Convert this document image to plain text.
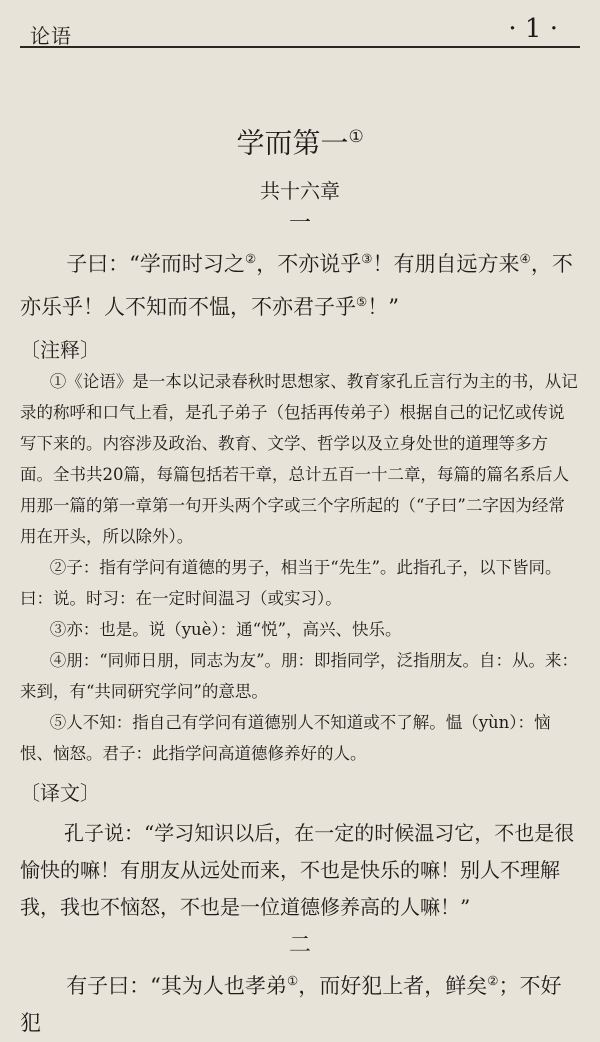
论语	· 1 ·
学而第一①
共十六章
一

子曰：“学而时习之②，不亦说乎③！有朋自远方来④，不亦乐乎！人不知而不愠，不亦君子乎⑤！”

〔注释〕

①《论语》是一本以记录春秋时思想家、教育家孔丘言行为主的书，从记录的称呼和口气上看，是孔子弟子（包括再传弟子）根据自己的记忆或传说写下来的。内容涉及政治、教育、文学、哲学以及立身处世的道理等多方面。全书共20篇，每篇包括若干章，总计五百一十二章，每篇的篇名系后人用那一篇的第一章第一句开头两个字或三个字所起的（“子曰”二字因为经常用在开头，所以除外）。

②子：指有学问有道德的男子，相当于“先生”。此指孔子，以下皆同。曰：说。时习：在一定时间温习（或实习）。

③亦：也是。说（yuè）：通“悦”，高兴、快乐。

④朋：“同师日朋，同志为友”。朋：即指同学，泛指朋友。自：从。来：来到，有“共同研究学问”的意思。

⑤人不知：指自己有学问有道德别人不知道或不了解。愠（yùn）：恼恨、恼怒。君子：此指学问高道德修养好的人。

〔译文〕

孔子说：“学习知识以后，在一定的时候温习它，不也是很愉快的嘛！有朋友从远处而来，不也是快乐的嘛！别人不理解我，我也不恼怒，不也是一位道德修养高的人嘛！”

二

有子曰：“其为人也孝弟①，而好犯上者，鲜矣②；不好犯
